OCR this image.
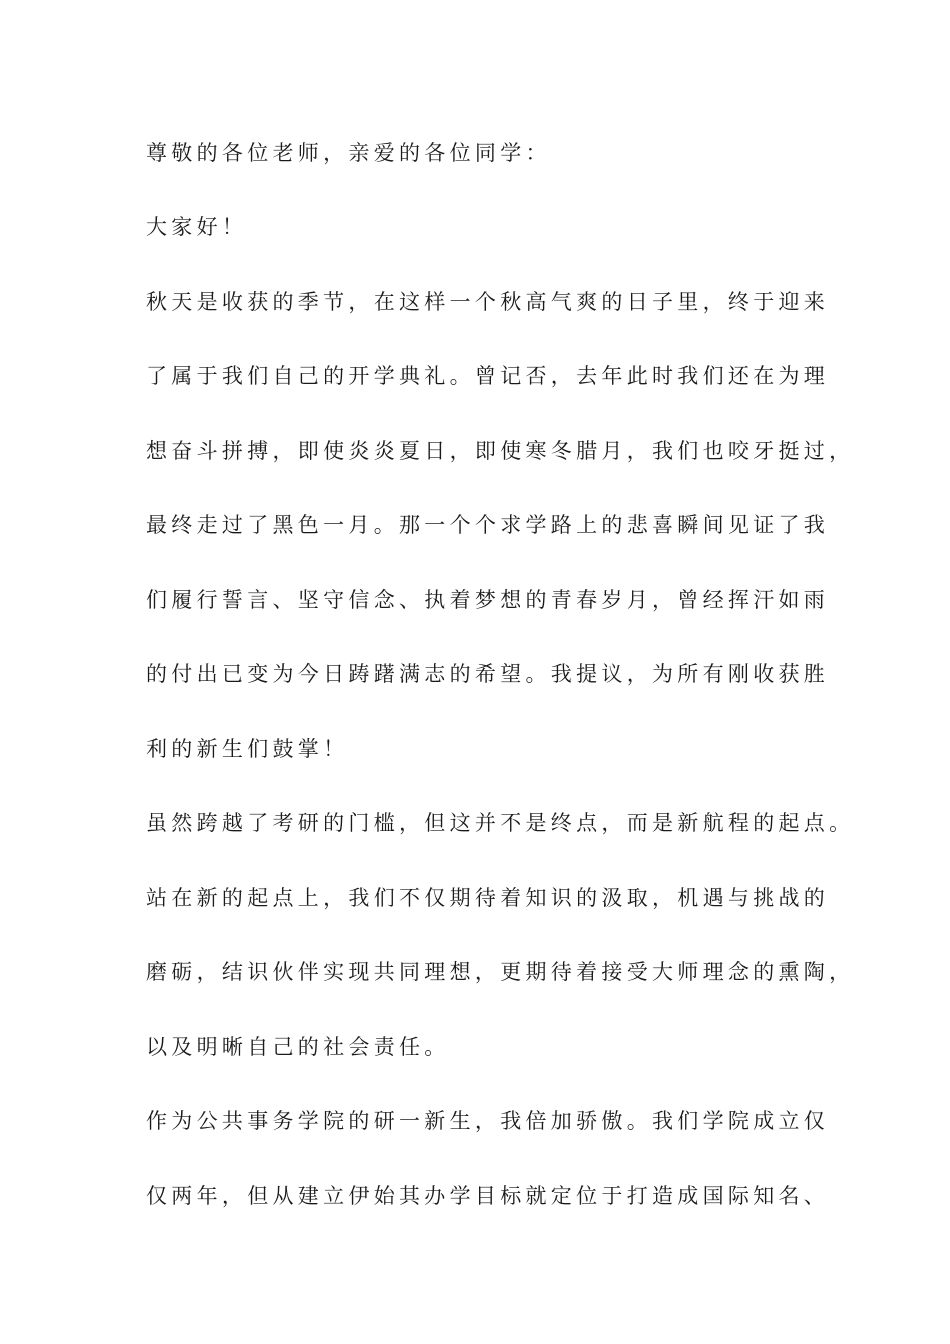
尊敬的各位老师，亲爱的各位同学：
大家好！
秋天是收获的季节，在这样一个秋高气爽的日子里，终于迎来
了属于我们自己的开学典礼。曾记否，去年此时我们还在为理
想奋斗拼搏，即使炎炎夏日，即使寒冬腊月，我们也咬牙挺过，
最终走过了黑色一月。那一个个求学路上的悲喜瞬间见证了我
们履行誓言、坚守信念、执着梦想的青春岁月，曾经挥汗如雨
的付出已变为今日踌躇满志的希望。我提议，为所有刚收获胜
利的新生们鼓掌！
虽然跨越了考研的门槛，但这并不是终点，而是新航程的起点。
站在新的起点上，我们不仅期待着知识的汲取，机遇与挑战的
磨砺，结识伙伴实现共同理想，更期待着接受大师理念的熏陶，
以及明晰自己的社会责任。
作为公共事务学院的研一新生，我倍加骄傲。我们学院成立仅
仅两年，但从建立伊始其办学目标就定位于打造成国际知名、
